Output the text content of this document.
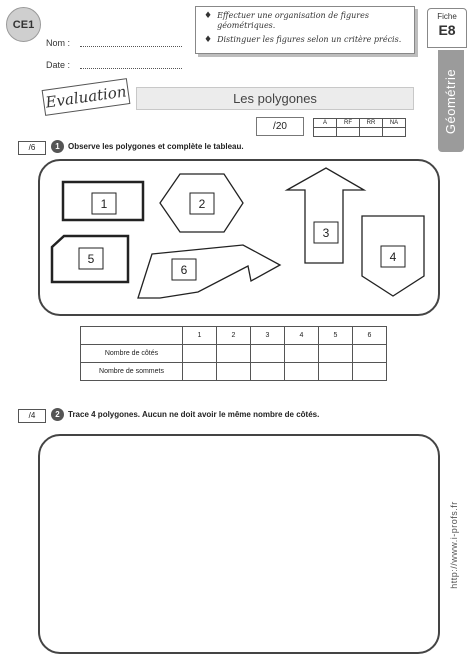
CE1
Nom :
Date :
♦ Effectuer une organisation de figures géométriques.
♦ Distinguer les figures selon un critère précis.
Fiche
E8
Géométrie
Les polygones
Evaluation
/20	A	RF	RR	NA

/6	1	Observe les polygones et complète le tableau.
1	2
3
4
5
6
	1	2	3	4	5	6
Nombre de côtés						
Nombre de sommets						
/4	2	Trace 4 polygones. Aucun ne doit avoir le même nombre de côtés.
http://www.i-profs.fr
